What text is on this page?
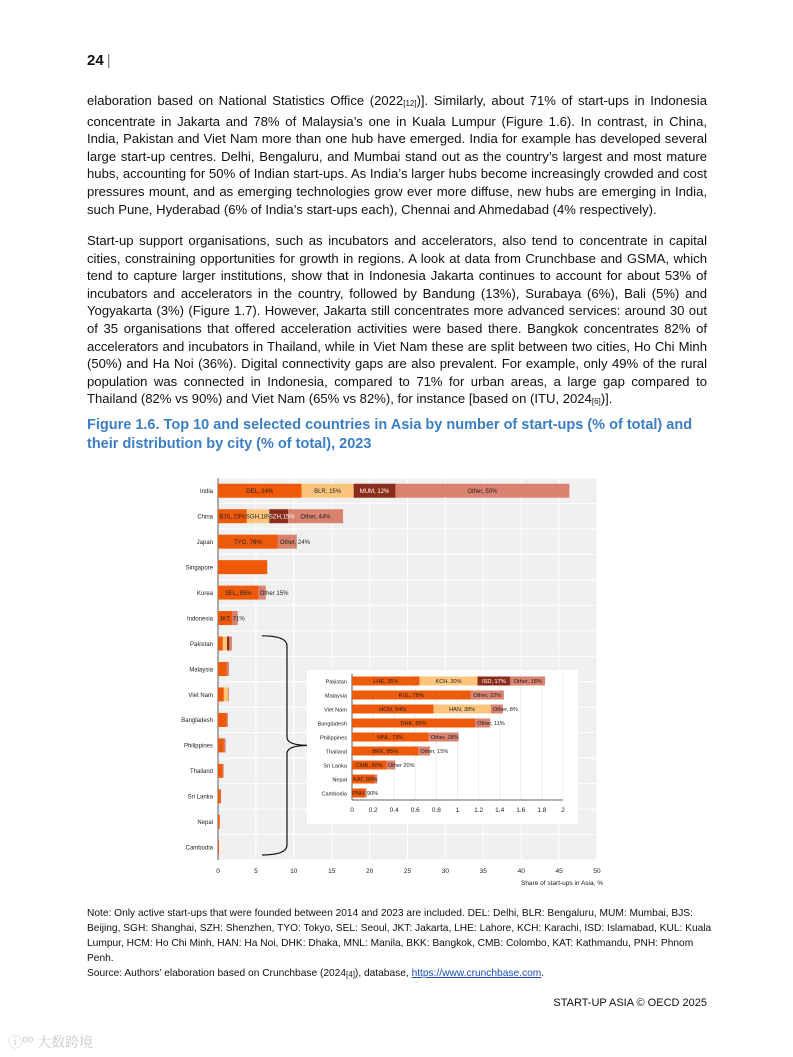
24 |

elaboration based on National Statistics Office $(2022_{[12]})$]. Similarly, about 71% of start-ups in Indonesia concentrate in Jakarta and 78% of Malaysia’s one in Kuala Lumpur (Figure 1.6). In contrast, in China, India, Pakistan and Viet Nam more than one hub have emerged. India for example has developed several large start-up centres. Delhi, Bengaluru, and Mumbai stand out as the country’s largest and most mature hubs, accounting for 50% of Indian start-ups. As India’s larger hubs become increasingly crowded and cost pressures mount, and as emerging technologies grow ever more diffuse, new hubs are emerging in India, such Pune, Hyderabad (6% of India’s start-ups each), Chennai and Ahmedabad (4% respectively).

Start-up support organisations, such as incubators and accelerators, also tend to concentrate in capital cities, constraining opportunities for growth in regions. A look at data from Crunchbase and GSMA, which tend to capture larger institutions, show that in Indonesia Jakarta continues to account for about 53% of incubators and accelerators in the country, followed by Bandung (13%), Surabaya (6%), Bali (5%) and Yogyakarta (3%) (Figure 1.7). However, Jakarta still concentrates more advanced services: around 30 out of 35 organisations that offered acceleration activities were based there. Bangkok concentrates 82% of accelerators and incubators in Thailand, while in Viet Nam these are split between two cities, Ho Chi Minh (50%) and Ha Noi (36%). Digital connectivity gaps are also prevalent. For example, only 49% of the rural population was connected in Indonesia, compared to 71% for urban areas, a large gap compared to Thailand (82% vs 90%) and Viet Nam (65% vs 82%), for instance [based on (ITU, $2024_{[6]}$)].

Figure 1.6. Top 10 and selected countries in Asia by number of start-ups (% of total) and their distribution by city (% of total), 2023
0	5	10	15	20	25	30	35	40	45	50
Share of start-ups in Asia, %
India
China
Japan
Singapore
Korea
Indonesia
Pakistan
Malaysia
Viet Nam
Bangladesh
Philippines
Thailand
Sri Lanka
Nepal
Cambodia
DEL, 24%	BLR, 15%	MUM, 12%	Other, 50%
BJS, 23% SGH,18%
SZH,15% Other, 44%
TYO, 76%	Other, 24%
SEL, 85% Other 15%
JKT, 71%
0 0.2 0.4 0.6 0.8 1 1.2 1.4 1.6 1.8 2
Pakistan
Malaysia
Viet Nam
Bangladesh
Philippines
Thailand
Sri Lanka
Nepal
Cambodia
LHE, 35%	KCH, 30%	ISD, 17% Other, 18%
KUL, 78%	Other, 22%
HCM, 54%	HAN, 38%	Other, 8%
DHK, 89%	Other, 11%
MNL, 72%	Other, 28%
BKK, 85%	Other, 15%
CMB, 80% Other 20%
KAT, 89%
PNH, 90%
Note: Only active start-ups that were founded between 2014 and 2023 are included. DEL: Delhi, BLR: Bengaluru, MUM: Mumbai, BJS: Beijing, SGH: Shanghai, SZH: Shenzhen, TYO: Tokyo, SEL: Seoul, JKT: Jakarta, LHE: Lahore, KCH: Karachi, ISD: Islamabad, KUL: Kuala Lumpur, HCM: Ho Chi Minh, HAN: Ha Noi, DHK: Dhaka, MNL: Manila, BKK: Bangkok, CMB: Colombo, KAT: Kathmandu, PNH: Phnom Penh.
Source: Authors’ elaboration based on Crunchbase $(2024_{[4]})$, database, https://www.crunchbase.com.
START-UP ASIA © OECD 2025
ⓘ⁰⁰ 大数跨境
